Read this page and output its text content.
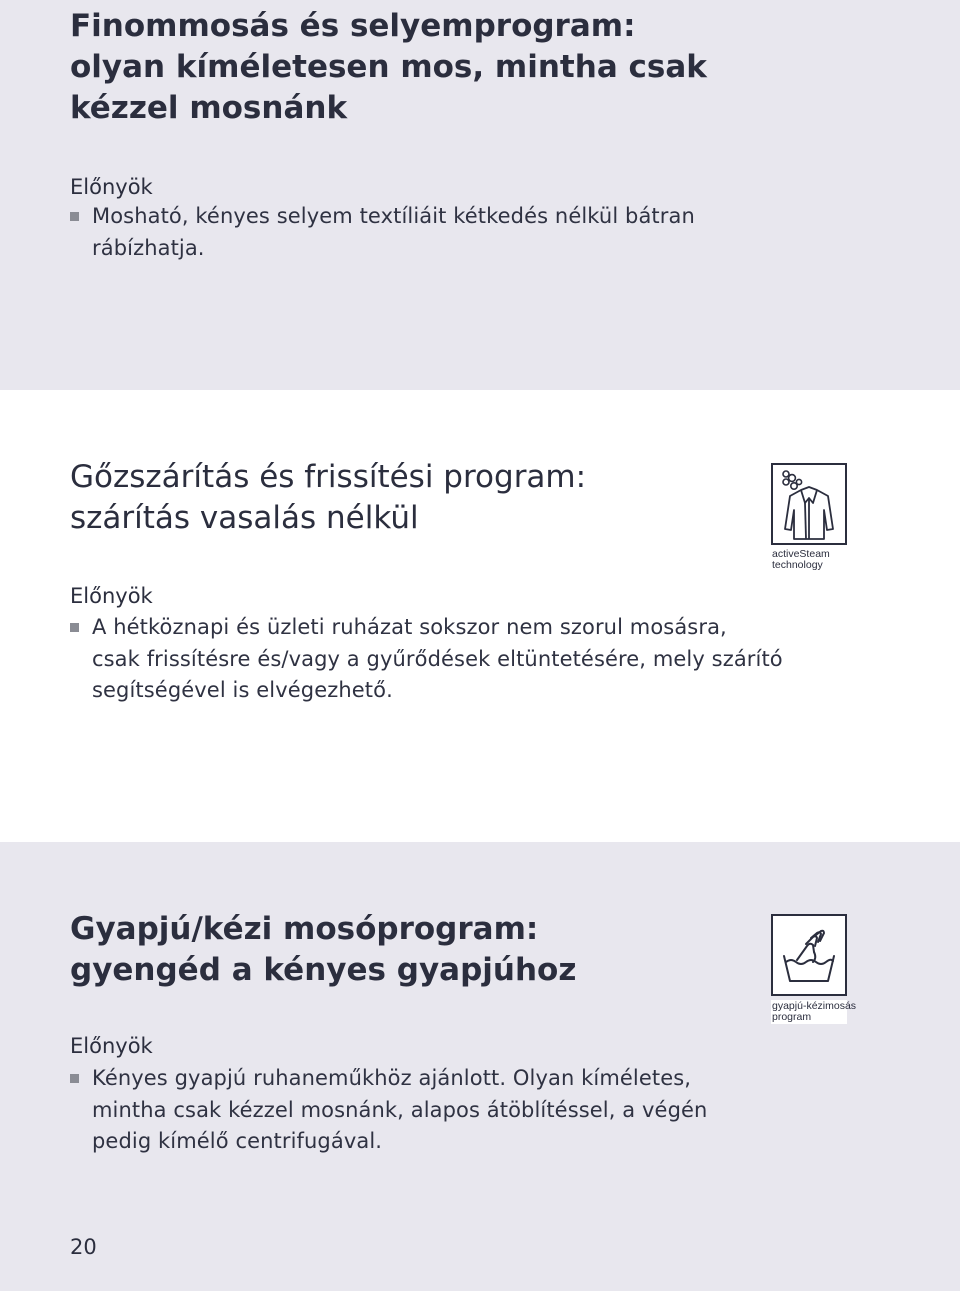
Finommosás és selyemprogram:
olyan kíméletesen mos, mintha csak
kézzel mosnánk
Előnyök
Mosható, kényes selyem textíliáit kétkedés nélkül bátran
rábízhatja.
Gőzszárítás és frissítési program:
szárítás vasalás nélkül
Előnyök
A hétköznapi és üzleti ruházat sokszor nem szorul mosásra,
csak frissítésre és/vagy a gyűrődések eltüntetésére, mely szárító
segítségével is elvégezhető.
activeSteam
technology
Gyapjú/kézi mosóprogram:
gyengéd a kényes gyapjúhoz
Előnyök
Kényes gyapjú ruhaneműkhöz ajánlott. Olyan kíméletes,
mintha csak kézzel mosnánk, alapos átöblítéssel, a végén
pedig kímélő centrifugával.
gyapjú-kézimosás
program
20
